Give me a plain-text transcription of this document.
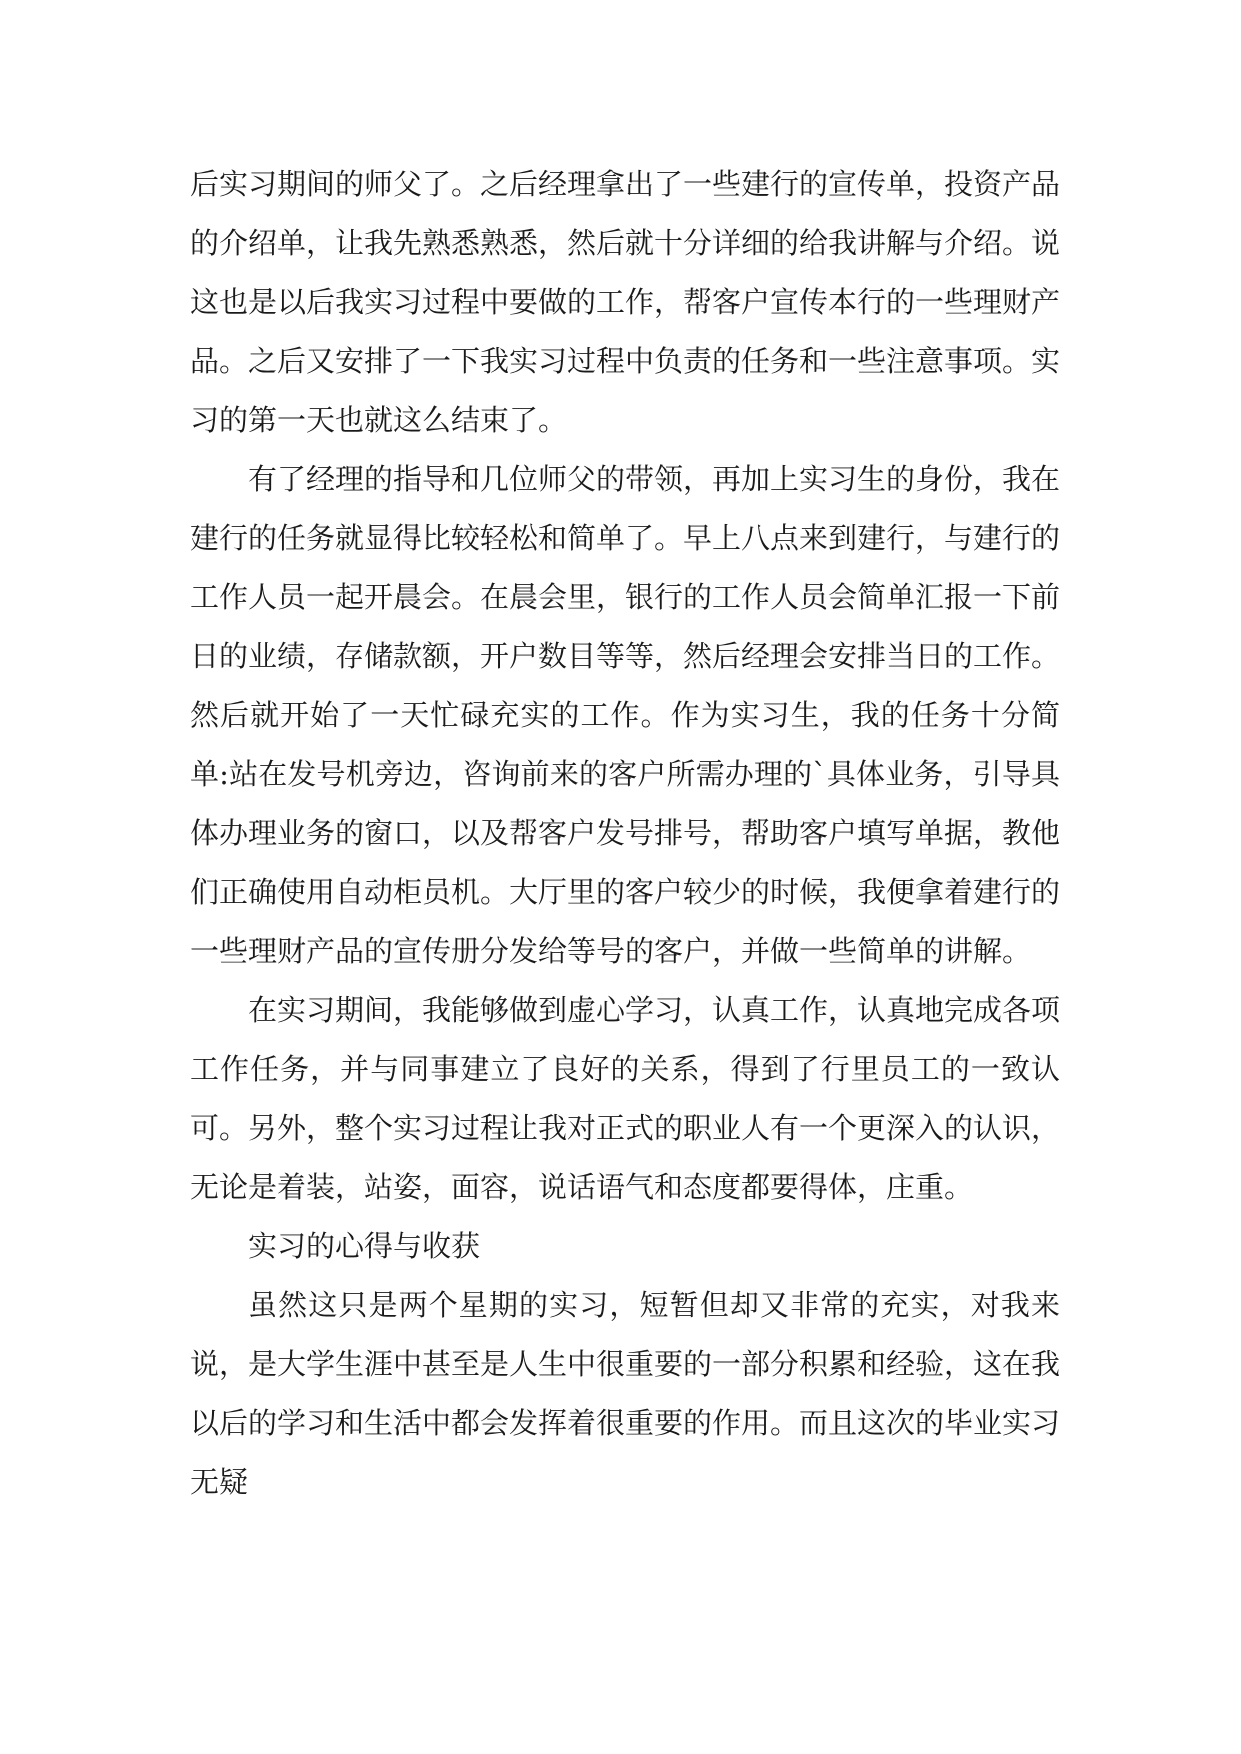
后实习期间的师父了。之后经理拿出了一些建行的宣传单，投资产品的介绍单，让我先熟悉熟悉，然后就十分详细的给我讲解与介绍。说这也是以后我实习过程中要做的工作，帮客户宣传本行的一些理财产品。之后又安排了一下我实习过程中负责的任务和一些注意事项。实习的第一天也就这么结束了。

有了经理的指导和几位师父的带领，再加上实习生的身份，我在建行的任务就显得比较轻松和简单了。早上八点来到建行，与建行的工作人员一起开晨会。在晨会里，银行的工作人员会简单汇报一下前日的业绩，存储款额，开户数目等等，然后经理会安排当日的工作。然后就开始了一天忙碌充实的工作。作为实习生，我的任务十分简单:站在发号机旁边，咨询前来的客户所需办理的`具体业务，引导具体办理业务的窗口，以及帮客户发号排号，帮助客户填写单据，教他们正确使用自动柜员机。大厅里的客户较少的时候，我便拿着建行的一些理财产品的宣传册分发给等号的客户，并做一些简单的讲解。

在实习期间，我能够做到虚心学习，认真工作，认真地完成各项工作任务，并与同事建立了良好的关系，得到了行里员工的一致认可。另外，整个实习过程让我对正式的职业人有一个更深入的认识，无论是着装，站姿，面容，说话语气和态度都要得体，庄重。

实习的心得与收获

虽然这只是两个星期的实习，短暂但却又非常的充实，对我来说，是大学生涯中甚至是人生中很重要的一部分积累和经验，这在我以后的学习和生活中都会发挥着很重要的作用。而且这次的毕业实习无疑
